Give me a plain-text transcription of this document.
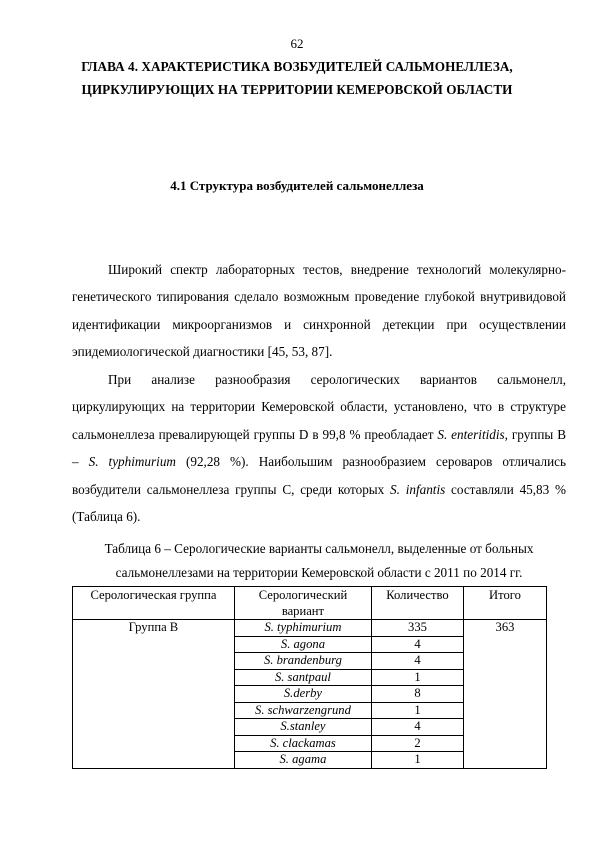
62
ГЛАВА 4. ХАРАКТЕРИСТИКА ВОЗБУДИТЕЛЕЙ САЛЬМОНЕЛЛЕЗА,
ЦИРКУЛИРУЮЩИХ НА ТЕРРИТОРИИ КЕМЕРОВСКОЙ ОБЛАСТИ
4.1 Структура возбудителей сальмонеллеза

Широкий спектр лабораторных тестов, внедрение технологий молекулярно-генетического типирования сделало возможным проведение глубокой внутривидовой идентификации микроорганизмов и синхронной детекции при осуществлении эпидемиологической диагностики [45, 53, 87].

При анализе разнообразия серологических вариантов сальмонелл, циркулирующих на территории Кемеровской области, установлено, что в структуре сальмонеллеза превалирующей группы D в 99,8 % преобладает S. enteritidis, группы В – S. typhimurium (92,28 %). Наибольшим разнообразием сероваров отличались возбудители сальмонеллеза группы С, среди которых S. infantis составляли 45,83 % (Таблица 6).

Таблица 6 – Серологические варианты сальмонелл, выделенные от больных
сальмонеллезами на территории Кемеровской области с 2011 по 2014 гг.
Серологическая группа	Серологический вариант	Количество	Итого
Группа В	S. typhimurium	335	363
	S. agona	4	
	S. brandenburg	4	
	S. santpaul	1	
	S.derby	8	
	S. schwarzengrund	1	
	S.stanley	4	
	S. clackamas	2	
	S. agama	1	
